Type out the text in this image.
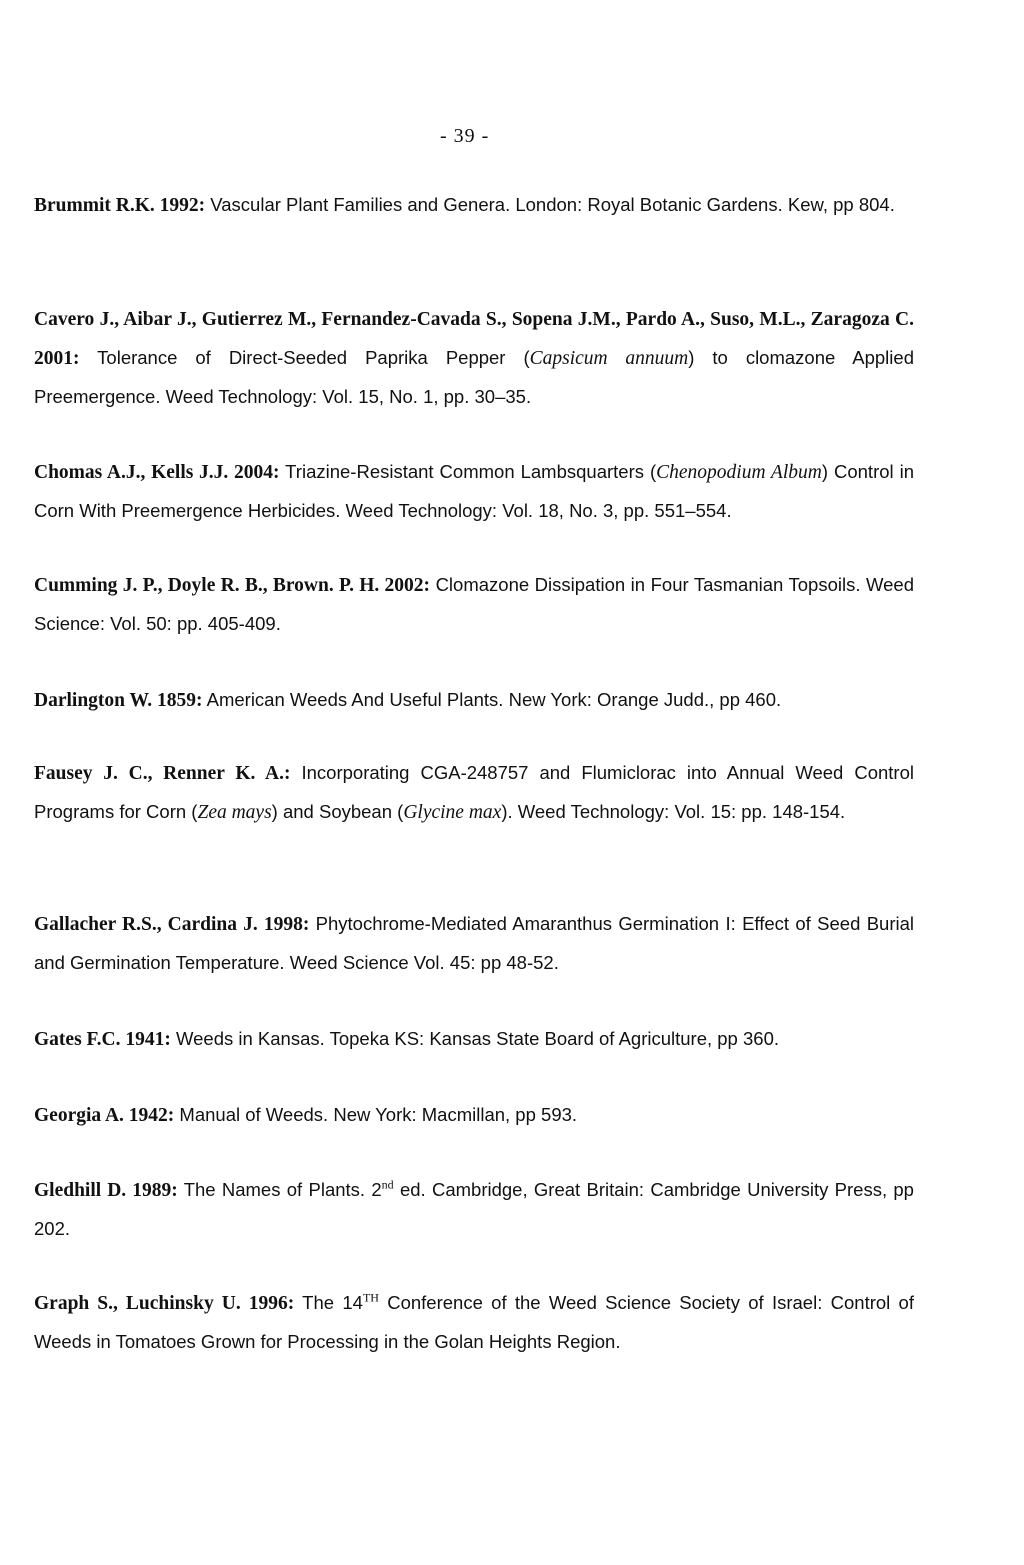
- 39 -
Brummit R.K. 1992: Vascular Plant Families and Genera. London: Royal Botanic Gardens. Kew, pp 804.
Cavero J., Aibar J., Gutierrez M., Fernandez-Cavada S., Sopena J.M., Pardo A., Suso, M.L., Zaragoza C. 2001: Tolerance of Direct-Seeded Paprika Pepper (Capsicum annuum) to clomazone Applied Preemergence. Weed Technology: Vol. 15, No. 1, pp. 30–35.
Chomas A.J., Kells J.J. 2004: Triazine-Resistant Common Lambsquarters (Chenopodium Album) Control in Corn With Preemergence Herbicides. Weed Technology: Vol. 18, No. 3, pp. 551–554.
Cumming J. P., Doyle R. B., Brown. P. H. 2002: Clomazone Dissipation in Four Tasmanian Topsoils. Weed Science: Vol. 50: pp. 405-409.
Darlington W. 1859: American Weeds And Useful Plants. New York: Orange Judd., pp 460.
Fausey J. C., Renner K. A.: Incorporating CGA-248757 and Flumiclorac into Annual Weed Control Programs for Corn (Zea mays) and Soybean (Glycine max). Weed Technology: Vol. 15: pp. 148-154.
Gallacher R.S., Cardina J. 1998: Phytochrome-Mediated Amaranthus Germination I: Effect of Seed Burial and Germination Temperature. Weed Science Vol. 45: pp 48-52.
Gates F.C. 1941: Weeds in Kansas. Topeka KS: Kansas State Board of Agriculture, pp 360.
Georgia A. 1942: Manual of Weeds. New York: Macmillan, pp 593.
Gledhill D. 1989: The Names of Plants. 2nd ed. Cambridge, Great Britain: Cambridge University Press, pp 202.
Graph S., Luchinsky U. 1996: The 14TH Conference of the Weed Science Society of Israel: Control of Weeds in Tomatoes Grown for Processing in the Golan Heights Region.
